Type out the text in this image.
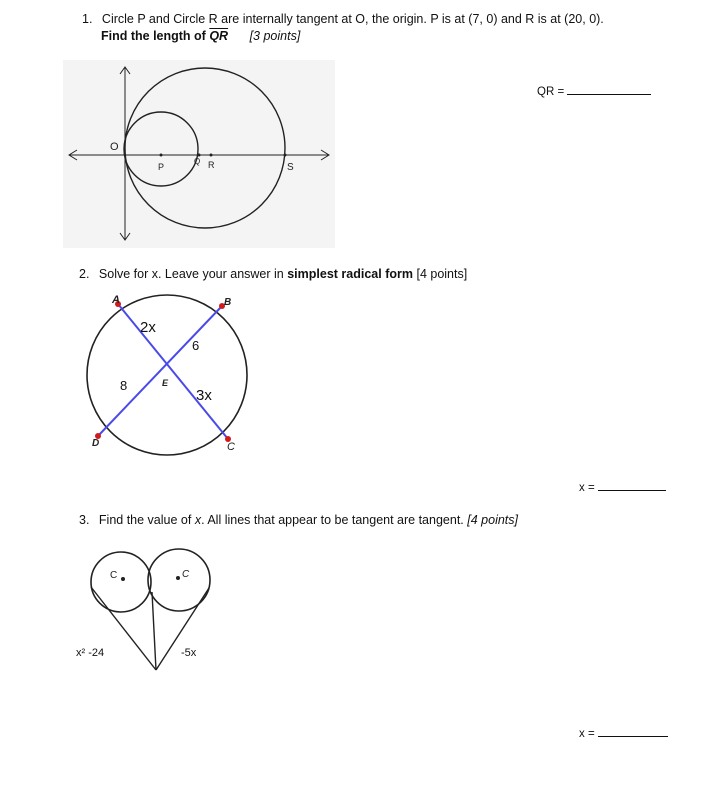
1. Circle P and Circle R are internally tangent at O, the origin. P is at (7, 0) and R is at (20, 0).
Find the length of $\overline{QR}$ [3 points]
O
P
Q R	S
QR =
2. Solve for x. Leave your answer in simplest radical form [4 points]
A	B
C
D
E
2x
6
8
3x
x =
3. Find the value of x. All lines that appear to be tangent are tangent. [4 points]
C	C
x² -24	-5x
x =
